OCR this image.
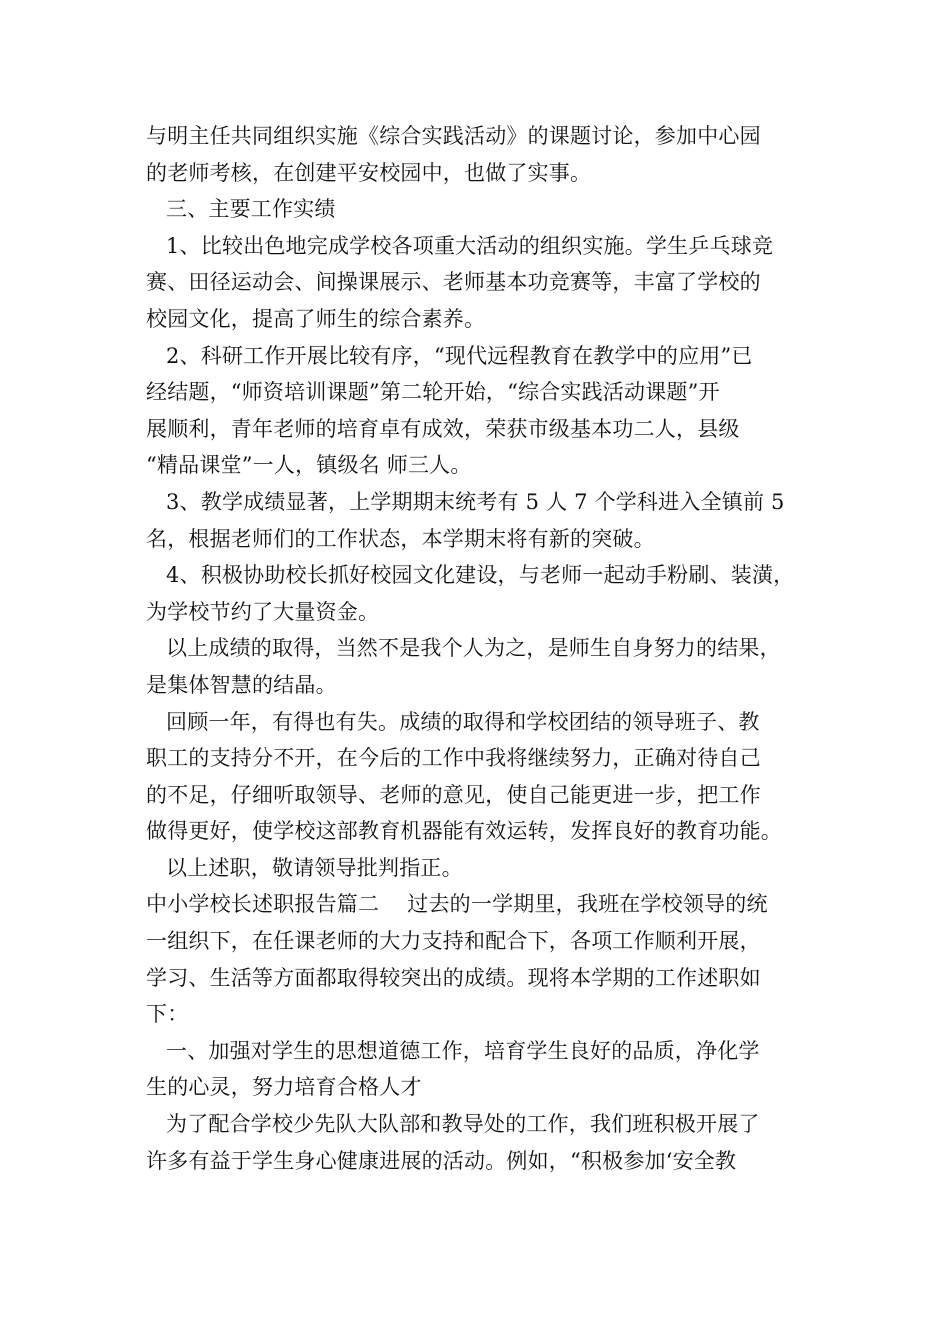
与明主任共同组织实施《综合实践活动》的课题讨论，参加中心园
的老师考核，在创建平安校园中，也做了实事。
三、主要工作实绩
1、比较出色地完成学校各项重大活动的组织实施。学生乒乓球竞
赛、田径运动会、间操课展示、老师基本功竞赛等，丰富了学校的
校园文化，提高了师生的综合素养。
2、科研工作开展比较有序，“现代远程教育在教学中的应用”已
经结题，“师资培训课题”第二轮开始，“综合实践活动课题”开
展顺利，青年老师的培育卓有成效，荣获市级基本功二人，县级
“精品课堂”一人，镇级名 师三人。
3、教学成绩显著，上学期期末统考有 5 人 7 个学科进入全镇前 5
名，根据老师们的工作状态，本学期末将有新的突破。
4、积极协助校长抓好校园文化建设，与老师一起动手粉刷、装潢，
为学校节约了大量资金。
以上成绩的取得，当然不是我个人为之，是师生自身努力的结果，
是集体智慧的结晶。
回顾一年，有得也有失。成绩的取得和学校团结的领导班子、教
职工的支持分不开，在今后的工作中我将继续努力，正确对待自己
的不足，仔细听取领导、老师的意见，使自己能更进一步，把工作
做得更好，使学校这部教育机器能有效运转，发挥良好的教育功能。
以上述职，敬请领导批判指正。
中小学校长述职报告篇二　 过去的一学期里，我班在学校领导的统
一组织下，在任课老师的大力支持和配合下，各项工作顺利开展，
学习、生活等方面都取得较突出的成绩。现将本学期的工作述职如
下：
一、加强对学生的思想道德工作，培育学生良好的品质，净化学
生的心灵，努力培育合格人才
为了配合学校少先队大队部和教导处的工作，我们班积极开展了
许多有益于学生身心健康进展的活动。例如，“积极参加‘安全教
